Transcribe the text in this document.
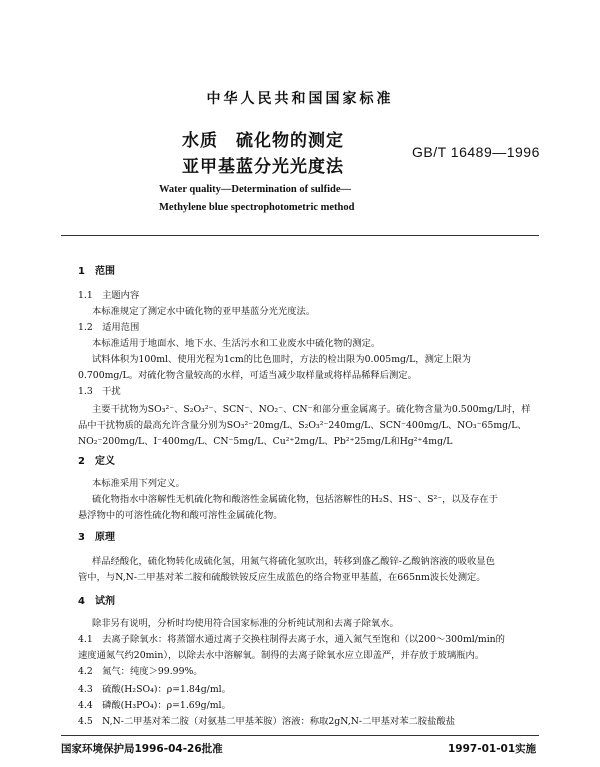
中华人民共和国国家标准
水质　硫化物的测定
亚甲基蓝分光光度法
GB/T 16489—1996
Water quality—Determination of sulfide—
Methylene blue spectrophotometric method
1　范围
1.1　主题内容
本标准规定了测定水中硫化物的亚甲基蓝分光光度法。
1.2　适用范围
本标准适用于地面水、地下水、生活污水和工业废水中硫化物的测定。
试料体积为100ml、使用光程为1cm的比色皿时，方法的检出限为0.005mg/L，测定上限为
0.700mg/L。对硫化物含量较高的水样，可适当减少取样量或将样品稀释后测定。
1.3　干扰
主要干扰物为SO₃²⁻、S₂O₃²⁻、SCN⁻、NO₂⁻、CN⁻和部分重金属离子。硫化物含量为0.500mg/L时，样
品中干扰物质的最高允许含量分别为SO₃²⁻20mg/L、S₂O₃²⁻240mg/L、SCN⁻400mg/L、NO₃⁻65mg/L、
NO₂⁻200mg/L、I⁻400mg/L、CN⁻5mg/L、Cu²⁺2mg/L、Pb²⁺25mg/L和Hg²⁺4mg/L
2　定义
本标准采用下列定义。
硫化物指水中溶解性无机硫化物和酸溶性金属硫化物，包括溶解性的H₂S、HS⁻、S²⁻，以及存在于
悬浮物中的可溶性硫化物和酸可溶性金属硫化物。
3　原理
样品经酸化，硫化物转化成硫化氢，用氮气将硫化氢吹出，转移到盛乙酸锌-乙酸钠溶液的吸收显色
管中，与N,N-二甲基对苯二胺和硫酸铁铵反应生成蓝色的络合物亚甲基蓝，在665nm波长处测定。
4　试剂
除非另有说明，分析时均使用符合国家标准的分析纯试剂和去离子除氧水。
4.1　去离子除氧水：将蒸馏水通过离子交换柱制得去离子水，通入氮气至饱和（以200～300ml/min的
速度通氮气约20min），以除去水中溶解氧。制得的去离子除氧水应立即盖严，并存放于玻璃瓶内。
4.2　氮气：纯度＞99.99%。
4.3　硫酸(H₂SO₄)：ρ=1.84g/ml。
4.4　磷酸(H₃PO₄)：ρ=1.69g/ml。
4.5　N,N-二甲基对苯二胺（对氨基二甲基苯胺）溶液：称取2gN,N-二甲基对苯二胺盐酸盐
国家环境保护局1996-04-26批准	1997-01-01实施
